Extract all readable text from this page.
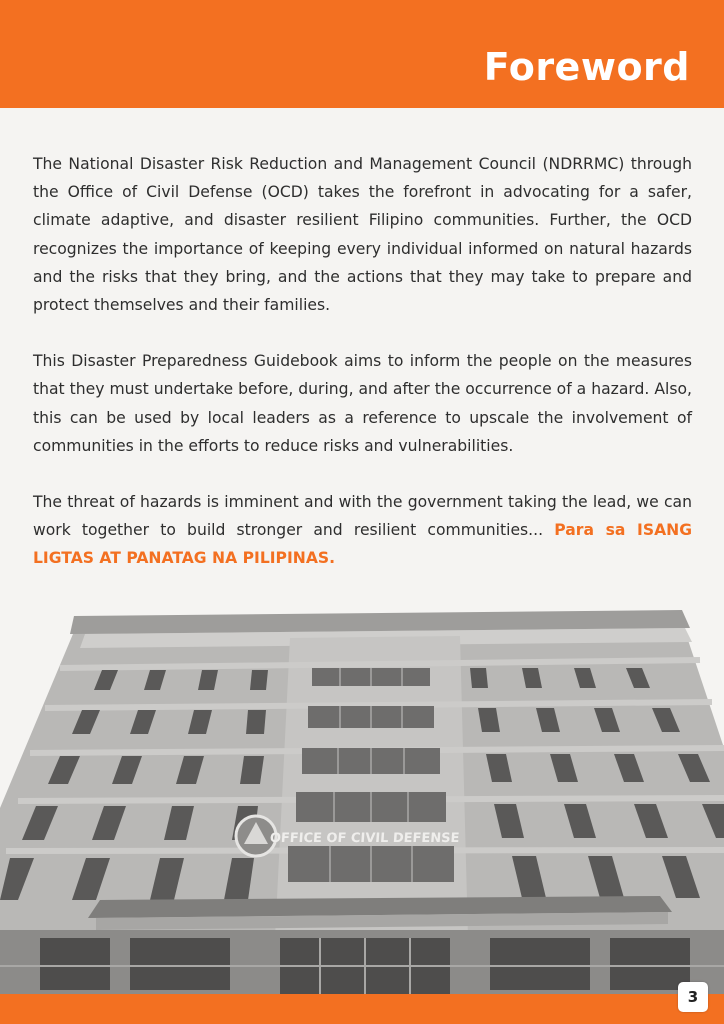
Foreword

The National Disaster Risk Reduction and Management Council (NDRRMC) through the Office of Civil Defense (OCD) takes the forefront in advocating for a safer, climate adaptive, and disaster resilient Filipino communities. Further, the OCD recognizes the importance of keeping every individual informed on natural hazards and the risks that they bring, and the actions that they may take to prepare and protect themselves and their families.

This Disaster Preparedness Guidebook aims to inform the people on the measures that they must undertake before, during, and after the occurrence of a hazard. Also, this can be used by local leaders as a reference to upscale the involvement of communities in the efforts to reduce risks and vulnerabilities.

The threat of hazards is imminent and with the government taking the lead, we can work together to build stronger and resilient communities... Para sa ISANG LIGTAS AT PANATAG NA PILIPINAS.

OFFICE OF CIVIL DEFENSE
3
